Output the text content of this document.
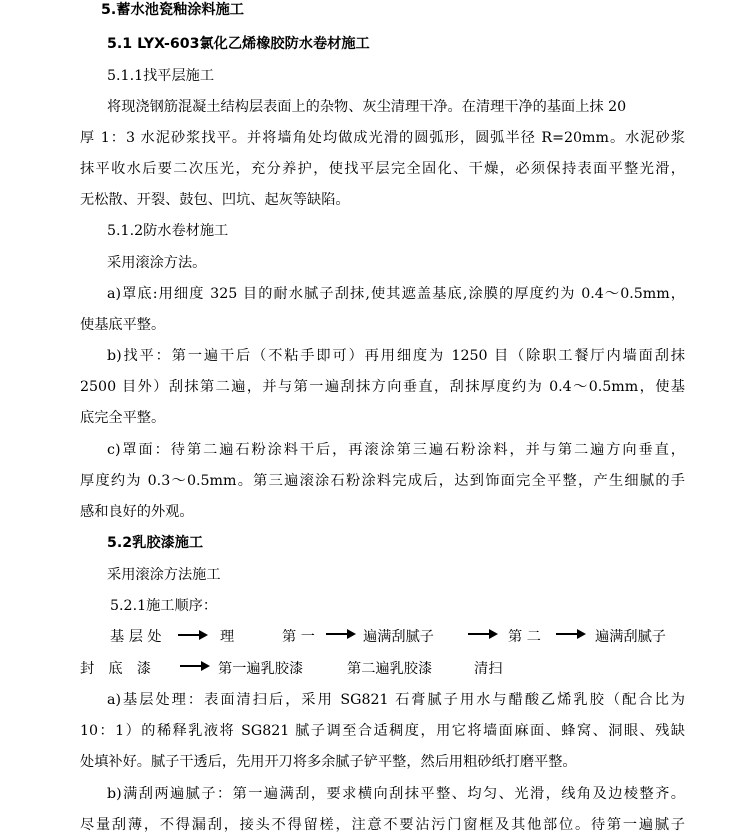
5.蓄水池瓷釉涂料施工
5.1 LYX-603氯化乙烯橡胶防水卷材施工
5.1.1找平层施工
将现浇钢筋混凝土结构层表面上的杂物、灰尘清理干净。在清理干净的基面上抹 20
厚 1：3 水泥砂浆找平。并将墙角处均做成光滑的圆弧形，圆弧半径 R=20mm。水泥砂浆
抹平收水后要二次压光，充分养护，使找平层完全固化、干燥，必须保持表面平整光滑，
无松散、开裂、鼓包、凹坑、起灰等缺陷。
5.1.2防水卷材施工
采用滚涂方法。
a)罩底:用细度 325 目的耐水腻子刮抹,使其遮盖基底,涂膜的厚度约为 0.4～0.5mm，
使基底平整。
b)找平：第一遍干后（不粘手即可）再用细度为 1250 目（除职工餐厅内墙面刮抹
2500 目外）刮抹第二遍，并与第一遍刮抹方向垂直，刮抹厚度约为 0.4～0.5mm，使基
底完全平整。
c)罩面：待第二遍石粉涂料干后，再滚涂第三遍石粉涂料，并与第二遍方向垂直，
厚度约为 0.3～0.5mm。第三遍滚涂石粉涂料完成后，达到饰面完全平整，产生细腻的手
感和良好的外观。
5.2乳胶漆施工
采用滚涂方法施工
5.2.1施工顺序：
基 层 处	理	第 一	遍满刮腻子	第 二	遍满刮腻子
封　底　漆	第一遍乳胶漆	第二遍乳胶漆	清扫
a)基层处理：表面清扫后，采用 SG821 石膏腻子用水与醋酸乙烯乳胶（配合比为
10：1）的稀释乳液将 SG821 腻子调至合适稠度，用它将墙面麻面、蜂窝、洞眼、残缺
处填补好。腻子干透后，先用开刀将多余腻子铲平整，然后用粗砂纸打磨平整。
b)满刮两遍腻子：第一遍满刮，要求横向刮抹平整、均匀、光滑，线角及边棱整齐。
尽量刮薄，不得漏刮，接头不得留槎，注意不要沾污门窗框及其他部位。待第一遍腻子
